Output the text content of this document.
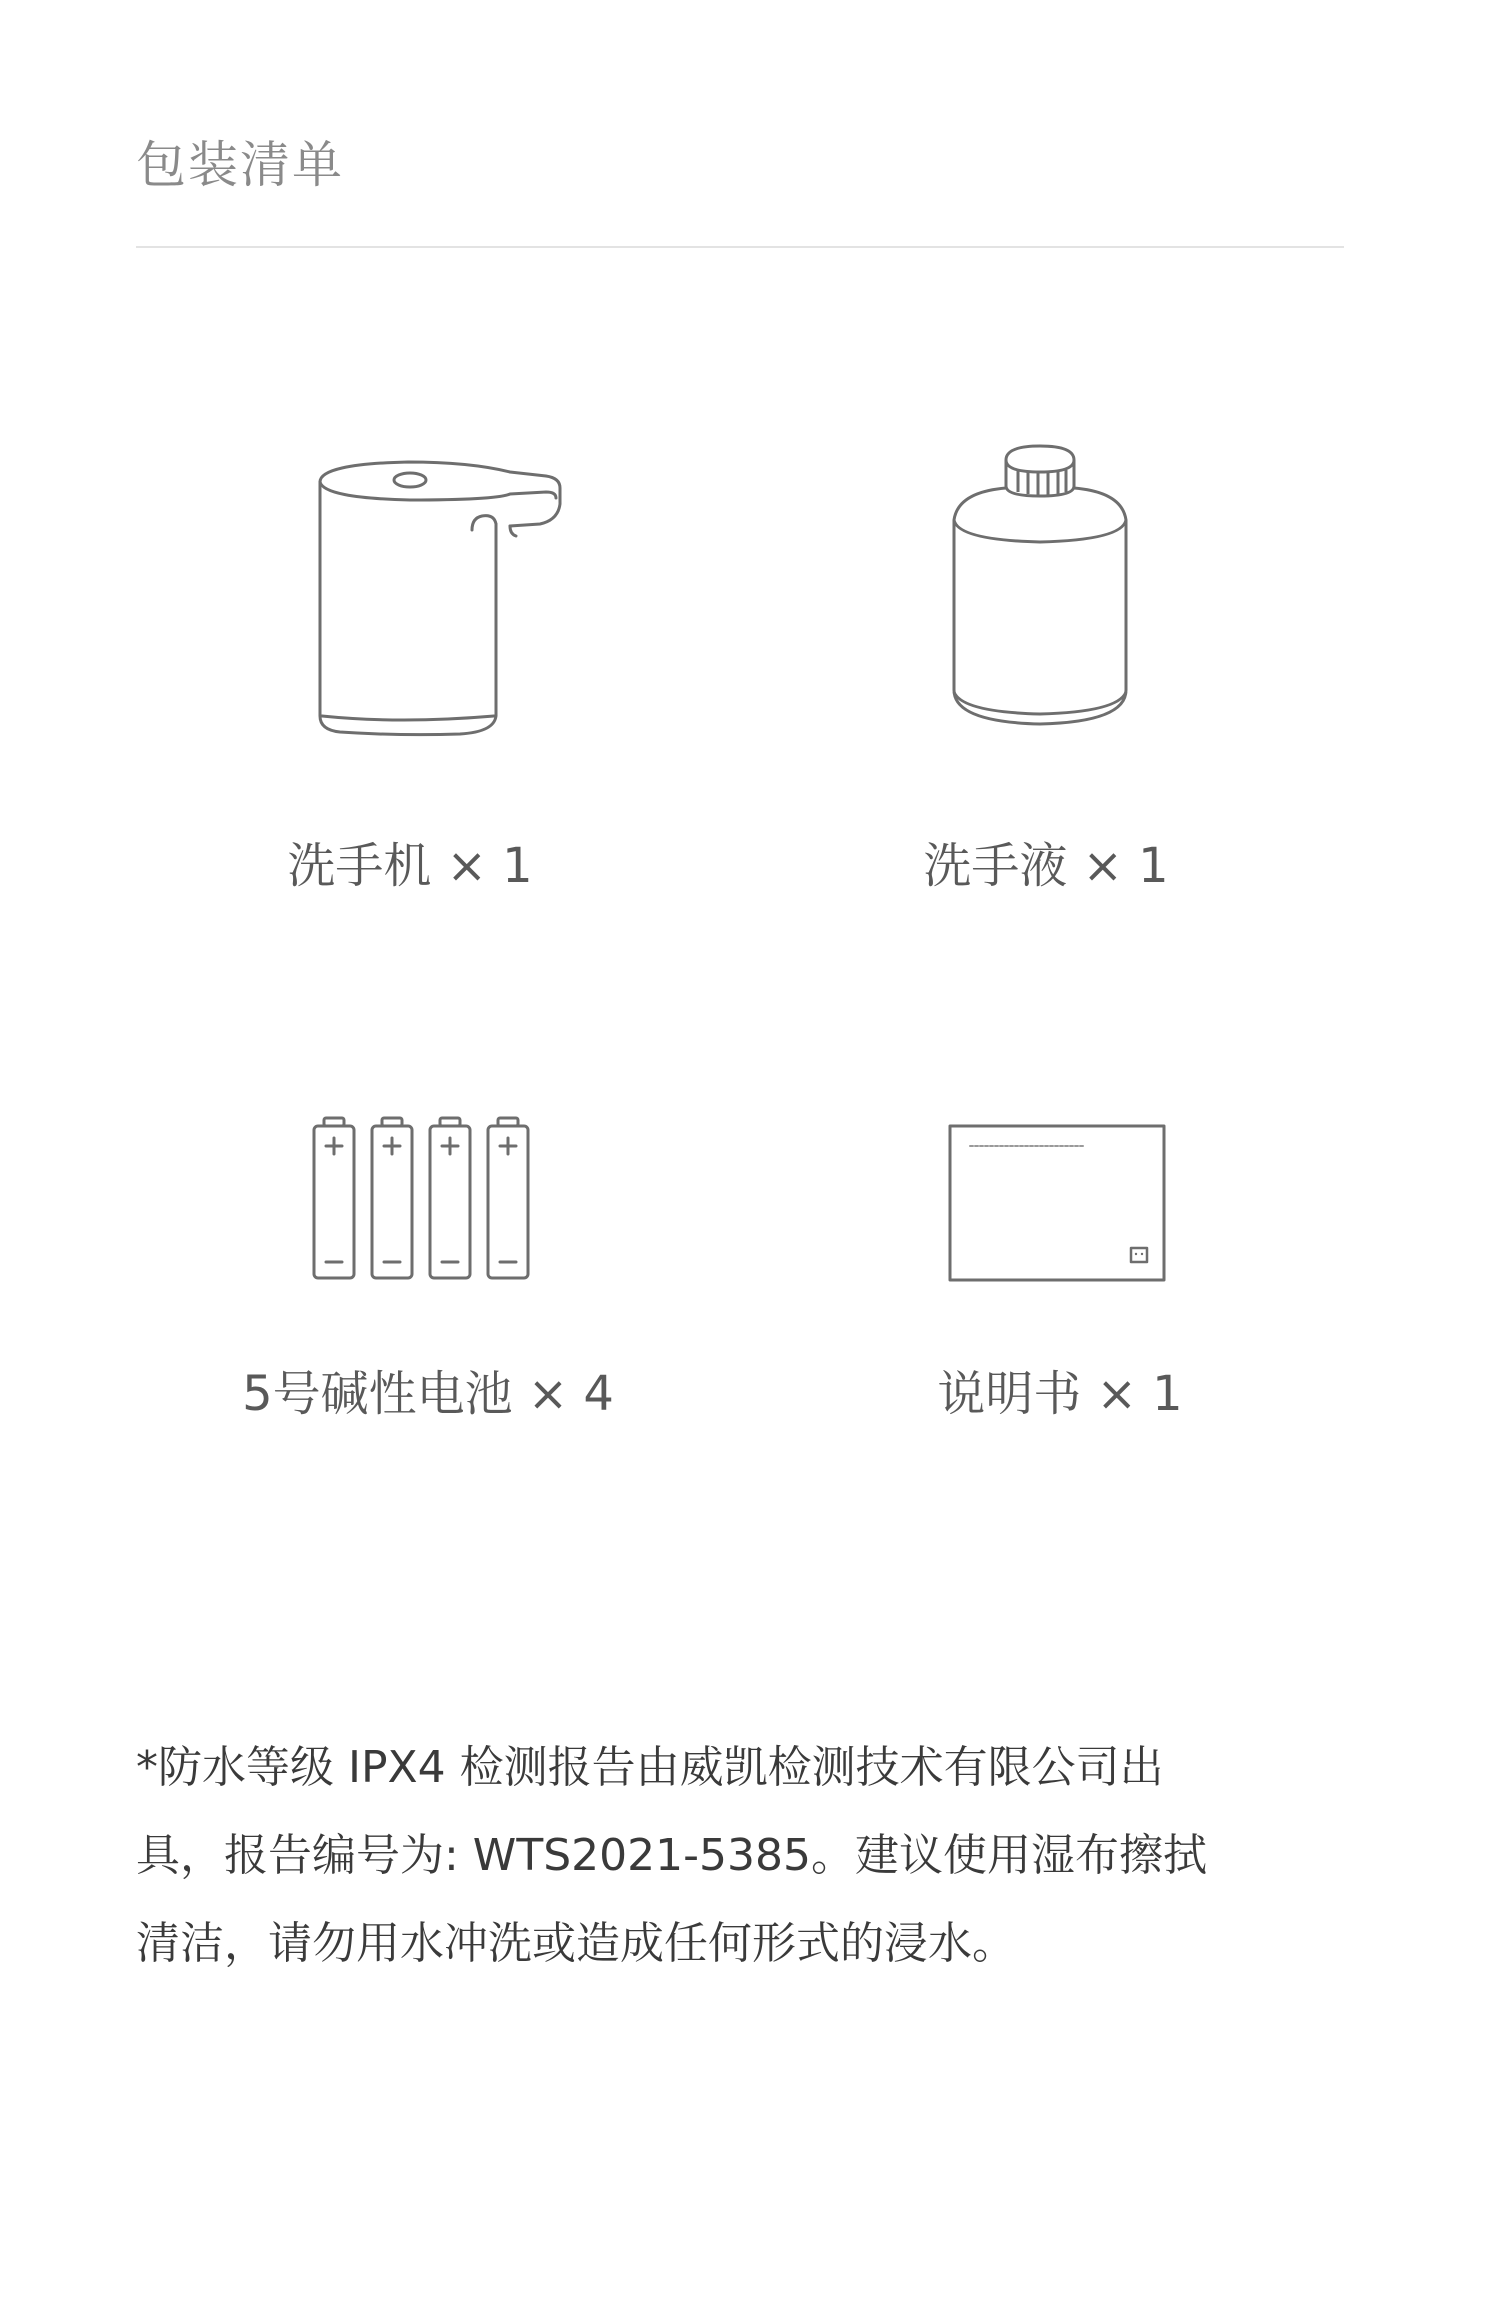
包装清单
洗手机 × 1	洗手液 × 1
5号碱性电池 × 4	说明书 × 1

*防水等级 IPX4 检测报告由威凯检测技术有限公司出

具，报告编号为: WTS2021-5385。建议使用湿布擦拭

清洁，请勿用水冲洗或造成任何形式的浸水。
